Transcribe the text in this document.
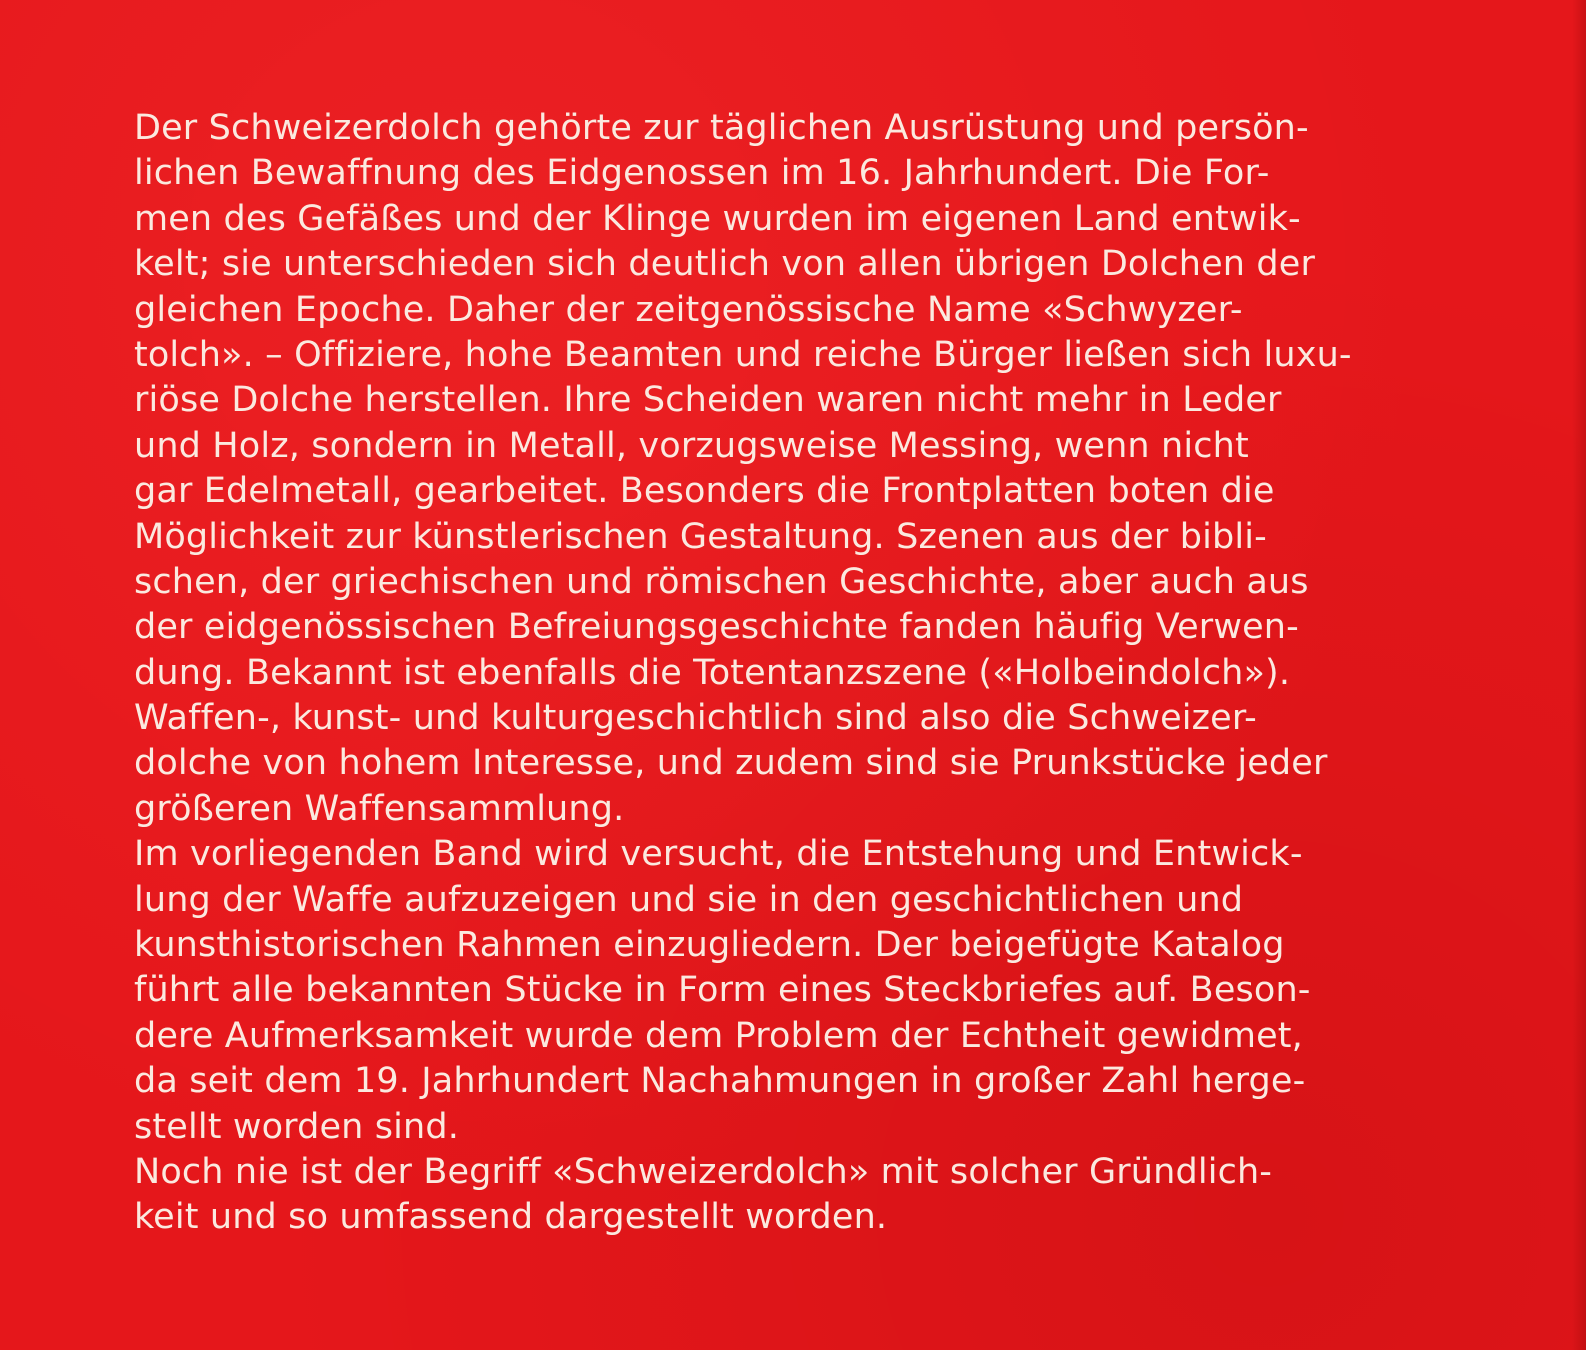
Der Schweizerdolch gehörte zur täglichen Ausrüstung und persön-
lichen Bewaffnung des Eidgenossen im 16. Jahrhundert. Die For-
men des Gefäßes und der Klinge wurden im eigenen Land entwik-
kelt; sie unterschieden sich deutlich von allen übrigen Dolchen der
gleichen Epoche. Daher der zeitgenössische Name «Schwyzer-
tolch». – Offiziere, hohe Beamten und reiche Bürger ließen sich luxu-
riöse Dolche herstellen. Ihre Scheiden waren nicht mehr in Leder
und Holz, sondern in Metall, vorzugsweise Messing, wenn nicht
gar Edelmetall, gearbeitet. Besonders die Frontplatten boten die
Möglichkeit zur künstlerischen Gestaltung. Szenen aus der bibli-
schen, der griechischen und römischen Geschichte, aber auch aus
der eidgenössischen Befreiungsgeschichte fanden häufig Verwen-
dung. Bekannt ist ebenfalls die Totentanzszene («Holbeindolch»).
Waffen-, kunst- und kulturgeschichtlich sind also die Schweizer-
dolche von hohem Interesse, und zudem sind sie Prunkstücke jeder
größeren Waffensammlung.
Im vorliegenden Band wird versucht, die Entstehung und Entwick-
lung der Waffe aufzuzeigen und sie in den geschichtlichen und
kunsthistorischen Rahmen einzugliedern. Der beigefügte Katalog
führt alle bekannten Stücke in Form eines Steckbriefes auf. Beson-
dere Aufmerksamkeit wurde dem Problem der Echtheit gewidmet,
da seit dem 19. Jahrhundert Nachahmungen in großer Zahl herge-
stellt worden sind.
Noch nie ist der Begriff «Schweizerdolch» mit solcher Gründlich-
keit und so umfassend dargestellt worden.
